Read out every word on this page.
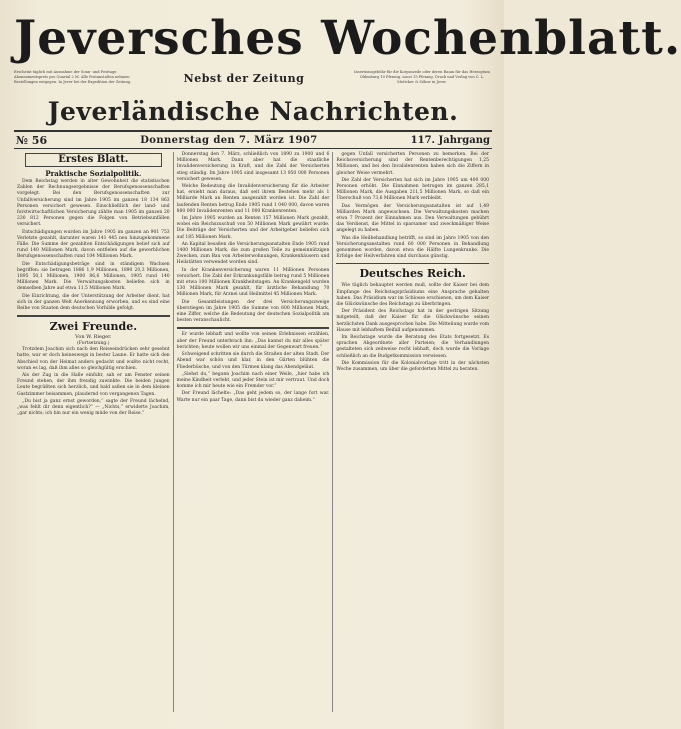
Jeversches Wochenblatt.
Erscheint täglich mit Ausnahme der Sonn- und Festtage. Abonnementspreis pro Quartal 2 M. Alle Postanstalten nehmen Bestellungen entgegen. In Jever bei der Expedition der Zeitung.	Nebst der Zeitung	Insertionsgebühr für die Korpuszeile oder deren Raum für das Herzogtum Oldenburg 10 Pfennig, sonst 15 Pfennig. Druck und Verlag von C. L. Mettcker & Söhne in Jever.
Jeverländische Nachrichten.
№ 56	Donnerstag den 7. März 1907	117. Jahrgang
Erstes Blatt.
Praktische Sozialpolitik.

Dem Reichstag werden in alter Gewohnheit die statistischen Zahlen der Rechnungsergebnisse der Berufsgenossenschaften vorgelegt. Bei den Berufsgenossenschaften zur Unfallversicherung sind im Jahre 1905 im ganzen 18 134 863 Personen versichert gewesen. Einschließlich der land- und forstwirtschaftlichen Versicherung zählte man 1905 im ganzen 20 230 812 Personen gegen die Folgen von Betriebsunfällen versichert.

Entschädigungen wurden im Jahre 1905 im ganzen an 901 753 Verletzte gezahlt, darunter waren 141 445 neu hinzugekommene Fälle. Die Summe der gezahlten Entschädigungen belief sich auf rund 140 Millionen Mark, davon entfielen auf die gewerblichen Berufsgenossenschaften rund 104 Millionen Mark.

Die Entschädigungsbeträge sind in ständigem Wachsen begriffen: sie betrugen 1886 1,9 Millionen, 1890 20,3 Millionen, 1895 50,1 Millionen, 1900 86,6 Millionen, 1905 rund 140 Millionen Mark. Die Verwaltungskosten beliefen sich in demselben Jahre auf etwa 11,5 Millionen Mark.

Die Einrichtung, die der Unterstützung der Arbeiter dient, hat sich in der ganzen Welt Anerkennung erworben, und es sind eine Reihe von Staaten dem deutschen Vorbilde gefolgt.

Zwei Freunde.
Von W. Rieger.
(Fortsetzung.)

Trotzdem Joachim sich nach den Reiseeindrücken sehr gesehnt hatte, war er doch keineswegs in bester Laune. Er hatte sich den Abschied von der Heimat anders gedacht und wußte nicht recht, woran es lag, daß ihm alles so gleichgültig erschien.

Als der Zug in die Halle einfuhr, sah er am Fenster seinen Freund stehen, der ihm freudig zuwinkte. Die beiden jungen Leute begrüßten sich herzlich, und bald saßen sie in dem kleinen Gastzimmer beisammen, plaudernd von vergangenen Tagen.

„Du bist ja ganz ernst geworden,“ sagte der Freund lächelnd, „was fehlt dir denn eigentlich?“ — „Nichts,“ erwiderte Joachim, „gar nichts; ich bin nur ein wenig müde von der Reise.“

Donnerstag den 7. März, schließlich von 1890 zu 1900 und 6 Millionen Mark. Dann aber hat die staatliche Invalidenversicherung in Kraft, und die Zahl der Versicherten stieg ständig. Im Jahre 1905 sind insgesamt 13 950 000 Personen versichert gewesen.

Welche Bedeutung die Invalidenversicherung für die Arbeiter hat, ersieht man daraus, daß seit ihrem Bestehen mehr als 1 Milliarde Mark an Renten ausgezahlt worden ist. Die Zahl der laufenden Renten betrug Ende 1905 rund 1 040 000, davon waren 880 000 Invalidenrenten und 11 000 Krankenrenten.

Im Jahre 1905 wurden an Renten 157 Millionen Mark gezahlt, wobei ein Reichszuschuß von 50 Millionen Mark gewährt wurde. Die Beiträge der Versicherten und der Arbeitgeber beliefen sich auf 185 Millionen Mark.

An Kapital besaßen die Versicherungsanstalten Ende 1905 rund 1400 Millionen Mark, die zum großen Teile zu gemeinnützigen Zwecken, zum Bau von Arbeiterwohnungen, Krankenhäusern und Heilstätten verwendet worden sind.

In der Krankenversicherung waren 11 Millionen Personen versichert. Die Zahl der Erkrankungsfälle betrug rund 5 Millionen mit etwa 100 Millionen Krankheitstagen. An Krankengeld wurden 130 Millionen Mark gezahlt, für ärztliche Behandlung 70 Millionen Mark, für Arznei und Heilmittel 45 Millionen Mark.

Die Gesamtleistungen der drei Versicherungszweige überstiegen im Jahre 1905 die Summe von 600 Millionen Mark, eine Ziffer, welche die Bedeutung der deutschen Sozialpolitik am besten veranschaulicht.

Er wurde lebhaft und wollte von seinen Erlebnissen erzählen, aber der Freund unterbrach ihn: „Das kannst du mir alles später berichten; heute wollen wir uns einmal der Gegenwart freuen.“

Schweigend schritten sie durch die Straßen der alten Stadt. Der Abend war schön und klar, in den Gärten blühten die Fliederbüsche, und von den Türmen klang das Abendgeläut.

„Siehst du,“ begann Joachim nach einer Weile, „hier habe ich meine Kindheit verlebt, und jeder Stein ist mir vertraut. Und doch komme ich mir heute wie ein Fremder vor.“

Der Freund lächelte: „Das geht jedem so, der lange fort war. Warte nur ein paar Tage, dann bist du wieder ganz daheim.“

gegen Unfall versicherten Personen zu bemerken. Bei der Reichsversicherung sind der Rentenberechtigungen 1,25 Millionen, und bei den Invalidenrenten haben sich die Ziffern in gleicher Weise vermehrt.

Die Zahl der Versicherten hat sich im Jahre 1905 um 400 000 Personen erhöht. Die Einnahmen betrugen im ganzen 285,1 Millionen Mark, die Ausgaben 211,5 Millionen Mark, so daß ein Überschuß von 73,6 Millionen Mark verbleibt.

Das Vermögen der Versicherungsanstalten ist auf 1,49 Milliarden Mark angewachsen. Die Verwaltungskosten machen etwa 7 Prozent der Einnahmen aus. Den Verwaltungen gebührt das Verdienst, die Mittel in sparsamer und zweckmäßiger Weise angelegt zu haben.

Was die Heilbehandlung betrifft, so sind im Jahre 1905 von den Versicherungsanstalten rund 60 000 Personen in Behandlung genommen worden, davon etwa die Hälfte Lungenkranke. Die Erfolge der Heilverfahren sind durchaus günstig.

Deutsches Reich.

Wie täglich behauptet werden muß, sollte der Kaiser bei dem Empfange des Reichstagspräsidiums eine Ansprache gehalten haben. Das Präsidium war im Schlosse erschienen, um dem Kaiser die Glückwünsche des Reichstags zu überbringen.

Der Präsident des Reichstags hat in der gestrigen Sitzung mitgeteilt, daß der Kaiser für die Glückwünsche seinen herzlichsten Dank ausgesprochen habe. Die Mitteilung wurde vom Hause mit lebhaftem Beifall aufgenommen.

Im Reichstage wurde die Beratung des Etats fortgesetzt. Es sprachen Abgeordnete aller Parteien; die Verhandlungen gestalteten sich zeitweise recht lebhaft, doch wurde die Vorlage schließlich an die Budgetkommission verwiesen.

Die Kommission für die Kolonialvorlage tritt in der nächsten Woche zusammen, um über die geforderten Mittel zu beraten.
